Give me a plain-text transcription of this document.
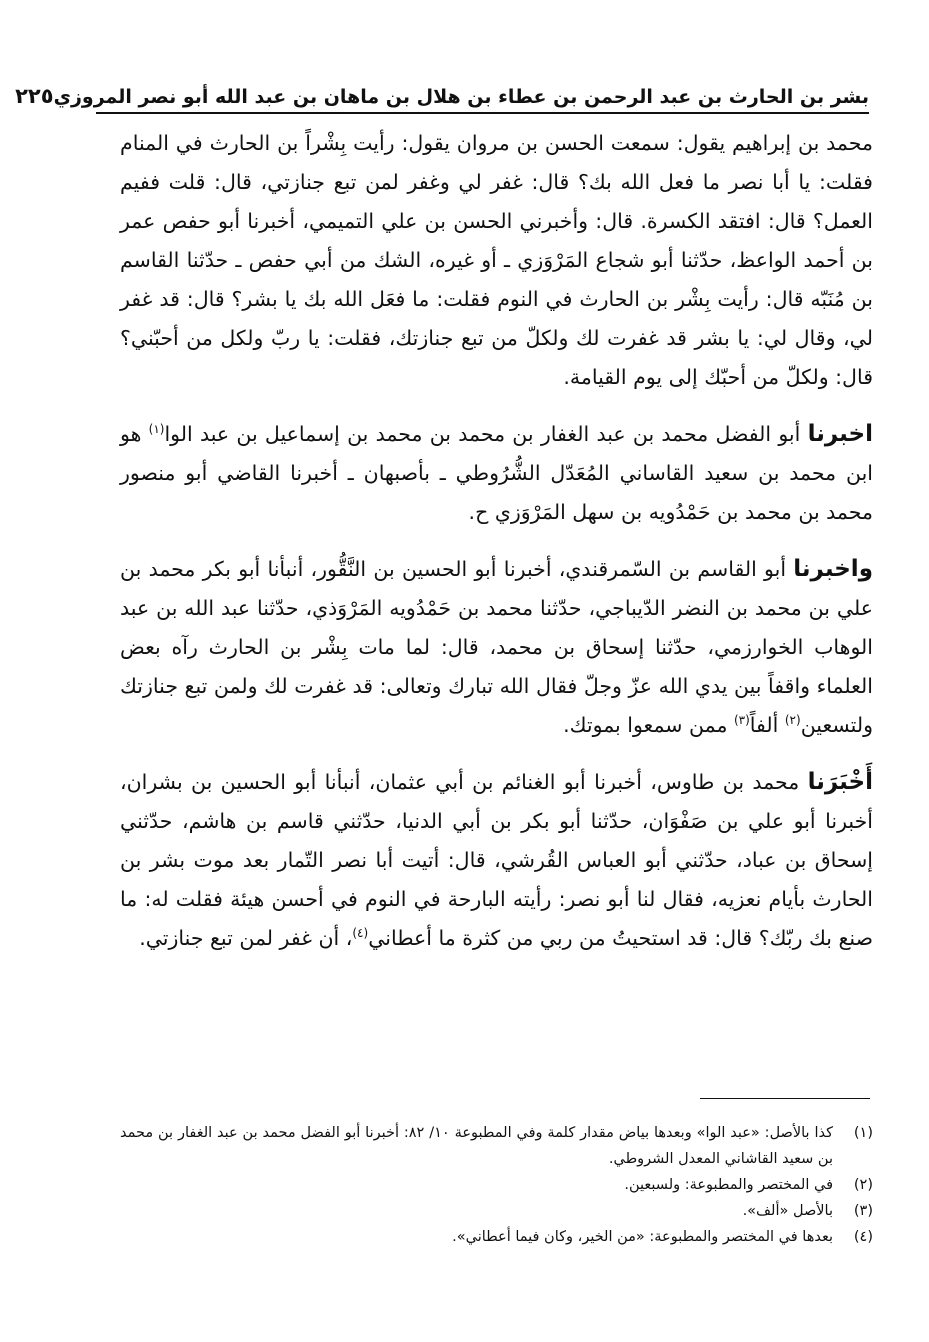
بشر بن الحارث بن عبد الرحمن بن عطاء بن هلال بن ماهان بن عبد الله أبو نصر المروزي
٢٢٥

محمد بن إبراهيم يقول: سمعت الحسن بن مروان يقول: رأيت بِشْراً بن الحارث في المنام فقلت: يا أبا نصر ما فعل الله بك؟ قال: غفر لي وغفر لمن تبع جنازتي، قال: قلت ففيم العمل؟ قال: افتقد الكسرة. قال: وأخبرني الحسن بن علي التميمي، أخبرنا أبو حفص عمر بن أحمد الواعظ، حدّثنا أبو شجاع المَرْوَزي ـ أو غيره، الشك من أبي حفص ـ حدّثنا القاسم بن مُنَبّه قال: رأيت بِشْر بن الحارث في النوم فقلت: ما فعَل الله بك يا بشر؟ قال: قد غفر لي، وقال لي: يا بشر قد غفرت لك ولكلّ من تبع جنازتك، فقلت: يا ربّ ولكل من أحبّني؟ قال: ولكلّ من أحبّك إلى يوم القيامة.

اخبرنا أبو الفضل محمد بن عبد الغفار بن محمد بن محمد بن إسماعيل بن عبد الوا$^{(١)}$ هو ابن محمد بن سعيد القاساني المُعَدّل الشُّرُوطي ـ بأصبهان ـ أخبرنا القاضي أبو منصور محمد بن محمد بن حَمْدُويه بن سهل المَرْوَزي ح.

واخبرنا أبو القاسم بن السّمرقندي، أخبرنا أبو الحسين بن النَّقُّور، أنبأنا أبو بكر محمد بن علي بن محمد بن النضر الدّيباجي، حدّثنا محمد بن حَمْدُويه المَرْوَذي، حدّثنا عبد الله بن عبد الوهاب الخوارزمي، حدّثنا إسحاق بن محمد، قال: لما مات بِشْر بن الحارث رآه بعض العلماء واقفاً بين يدي الله عزّ وجلّ فقال الله تبارك وتعالى: قد غفرت لك ولمن تبع جنازتك ولتسعين$^{(٢)}$ ألفاً$^{(٣)}$ ممن سمعوا بموتك.

أَخْبَرَنا محمد بن طاوس، أخبرنا أبو الغنائم بن أبي عثمان، أنبأنا أبو الحسين بن بشران، أخبرنا أبو علي بن صَفْوَان، حدّثنا أبو بكر بن أبي الدنيا، حدّثني قاسم بن هاشم، حدّثني إسحاق بن عباد، حدّثني أبو العباس القُرشي، قال: أتيت أبا نصر التّمار بعد موت بشر بن الحارث بأيام نعزيه، فقال لنا أبو نصر: رأيته البارحة في النوم في أحسن هيئة فقلت له: ما صنع بك ربّك؟ قال: قد استحيتُ من ربي من كثرة ما أعطاني$^{(٤)}$، أن غفر لمن تبع جنازتي.

(١)
كذا بالأصل: «عبد الوا» وبعدها بياض مقدار كلمة وفي المطبوعة ١٠/ ٨٢: أخبرنا أبو الفضل محمد بن عبد الغفار بن محمد بن سعيد القاشاني المعدل الشروطي.
(٢)
في المختصر والمطبوعة: ولسبعين.
(٣)
بالأصل «ألف».
(٤)
بعدها في المختصر والمطبوعة: «من الخير، وكان فيما أعطاني».
